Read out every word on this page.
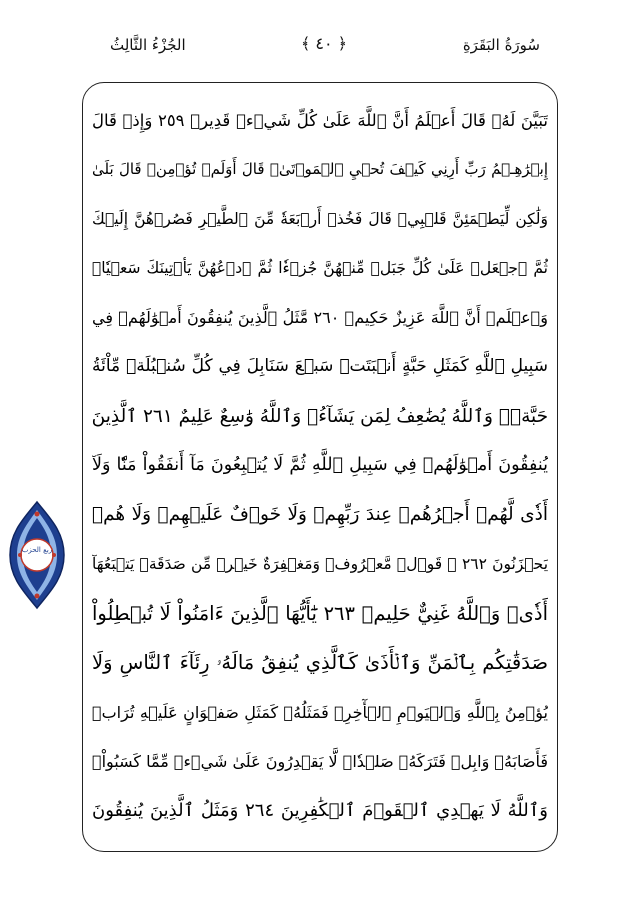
سُورَةُ البَقَرَةِ
﴿ ٤٠ ﴾
الجُزْءُ الثَّالِثُ
تَبَيَّنَ لَهُۥ قَالَ أَعۡلَمُ أَنَّ ٱللَّهَ عَلَىٰ كُلِّ شَيۡءٖ قَدِيرٞ ٢٥٩ وَإِذۡ قَالَ
إِبۡرَٰهِـۧمُ رَبِّ أَرِنِي كَيۡفَ تُحۡيِ ٱلۡمَوۡتَىٰۖ قَالَ أَوَلَمۡ تُؤۡمِنۖ قَالَ بَلَىٰ
وَلَٰكِن لِّيَطۡمَئِنَّ قَلۡبِيۖ قَالَ فَخُذۡ أَرۡبَعَةٗ مِّنَ ٱلطَّيۡرِ فَصُرۡهُنَّ إِلَيۡكَ
ثُمَّ ٱجۡعَلۡ عَلَىٰ كُلِّ جَبَلٖ مِّنۡهُنَّ جُزۡءٗا ثُمَّ ٱدۡعُهُنَّ يَأۡتِينَكَ سَعۡيٗاۚ
وَٱعۡلَمۡ أَنَّ ٱللَّهَ عَزِيزٌ حَكِيمٞ ٢٦٠ مَّثَلُ ٱلَّذِينَ يُنفِقُونَ أَمۡوَٰلَهُمۡ فِي
سَبِيلِ ٱللَّهِ كَمَثَلِ حَبَّةٍ أَنۢبَتَتۡ سَبۡعَ سَنَابِلَ فِي كُلِّ سُنۢبُلَةٖ مِّاْئَةُ
حَبَّةٖۗ وَٱللَّهُ يُضَٰعِفُ لِمَن يَشَآءُۚ وَٱللَّهُ وَٰسِعٌ عَلِيمٌ ٢٦١ ٱلَّذِينَ
يُنفِقُونَ أَمۡوَٰلَهُمۡ فِي سَبِيلِ ٱللَّهِ ثُمَّ لَا يُتۡبِعُونَ مَآ أَنفَقُواْ مَنّٗا وَلَآ
أَذٗى لَّهُمۡ أَجۡرُهُمۡ عِندَ رَبِّهِمۡ وَلَا خَوۡفٌ عَلَيۡهِمۡ وَلَا هُمۡ
يَحۡزَنُونَ ٢٦٢ ۞ قَوۡلٞ مَّعۡرُوفٞ وَمَغۡفِرَةٌ خَيۡرٞ مِّن صَدَقَةٖ يَتۡبَعُهَآ
أَذٗىۗ وَٱللَّهُ غَنِيٌّ حَلِيمٞ ٢٦٣ يَٰٓأَيُّهَا ٱلَّذِينَ ءَامَنُواْ لَا تُبۡطِلُواْ
صَدَقَٰتِكُم بِٱلۡمَنِّ وَٱلۡأَذَىٰ كَٱلَّذِي يُنفِقُ مَالَهُۥ رِئَآءَ ٱلنَّاسِ وَلَا
يُؤۡمِنُ بِٱللَّهِ وَٱلۡيَوۡمِ ٱلۡأٓخِرِۖ فَمَثَلُهُۥ كَمَثَلِ صَفۡوَانٍ عَلَيۡهِ تُرَابٞ
فَأَصَابَهُۥ وَابِلٞ فَتَرَكَهُۥ صَلۡدٗاۖ لَّا يَقۡدِرُونَ عَلَىٰ شَيۡءٖ مِّمَّا كَسَبُواْۗ
وَٱللَّهُ لَا يَهۡدِي ٱلۡقَوۡمَ ٱلۡكَٰفِرِينَ ٢٦٤ وَمَثَلُ ٱلَّذِينَ يُنفِقُونَ
ربع الحزب
